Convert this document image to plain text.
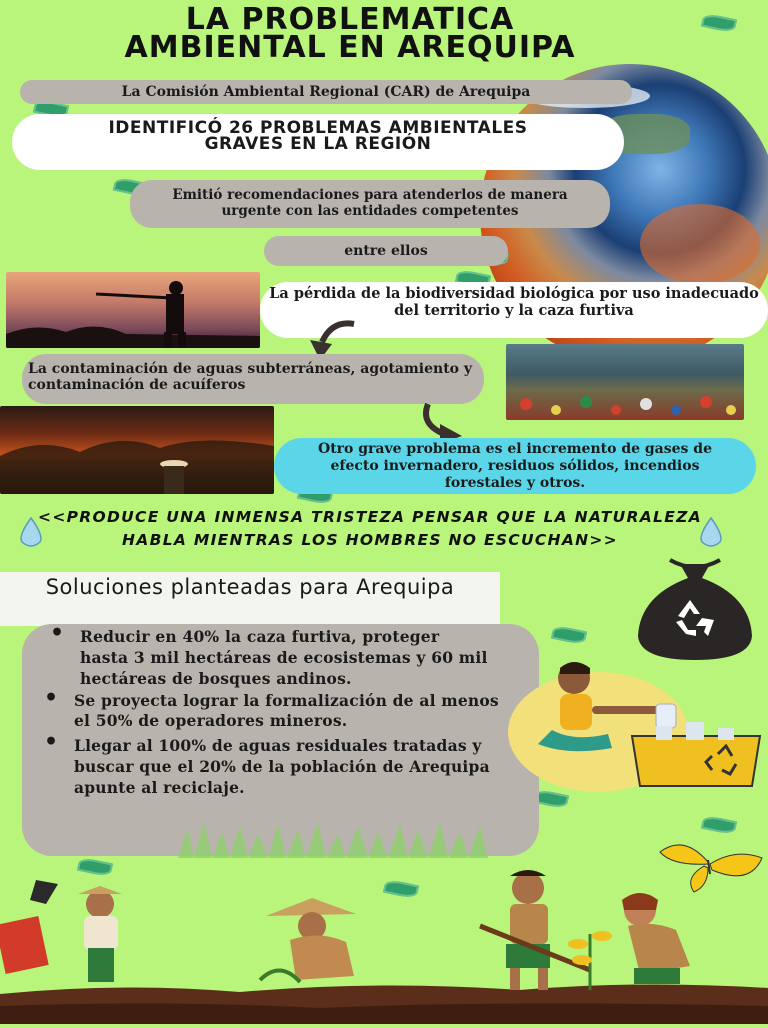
LA PROBLEMATICA
AMBIENTAL EN AREQUIPA
La Comisión Ambiental Regional (CAR) de Arequipa
IDENTIFICÓ 26 PROBLEMAS AMBIENTALES GRAVES EN LA REGIÓN
Emitió recomendaciones para atenderlos de manera urgente con las entidades competentes
entre ellos
La pérdida de la biodiversidad biológica por uso inadecuado del territorio y la caza furtiva
La contaminación de aguas subterráneas, agotamiento y contaminación de acuíferos
Otro grave problema es el incremento de gases de efecto invernadero, residuos sólidos, incendios forestales y otros.
<<PRODUCE UNA INMENSA TRISTEZA PENSAR QUE LA NATURALEZA HABLA MIENTRAS LOS HOMBRES NO ESCUCHAN>>
Soluciones planteadas para Arequipa
• Reducir en 40% la caza furtiva, proteger hasta 3 mil hectáreas de ecosistemas y 60 mil hectáreas de bosques andinos.
• Se proyecta lograr la formalización de al menos el 50% de operadores mineros.
• Llegar al 100% de aguas residuales tratadas y buscar que el 20% de la población de Arequipa apunte al reciclaje.
